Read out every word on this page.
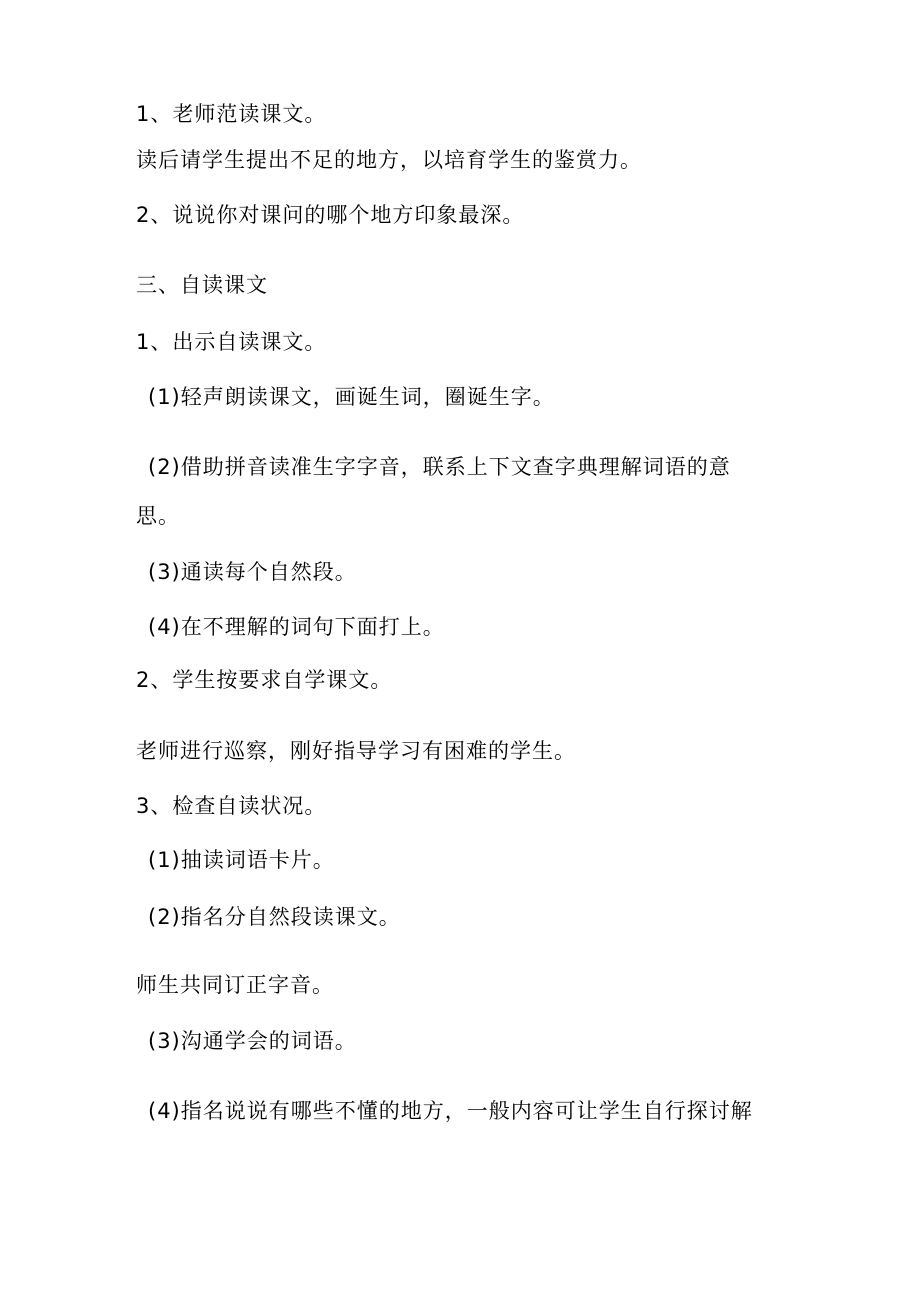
1、老师范读课文。

读后请学生提出不足的地方，以培育学生的鉴赏力。

2、说说你对课问的哪个地方印象最深。

三、自读课文

1、出示自读课文。

(1)轻声朗读课文，画诞生词，圈诞生字。

(2)借助拼音读准生字字音，联系上下文查字典理解词语的意

思。

(3)通读每个自然段。

(4)在不理解的词句下面打上。

2、学生按要求自学课文。

老师进行巡察，刚好指导学习有困难的学生。

3、检查自读状况。

(1)抽读词语卡片。

(2)指名分自然段读课文。

师生共同订正字音。

(3)沟通学会的词语。

(4)指名说说有哪些不懂的地方，一般内容可让学生自行探讨解
